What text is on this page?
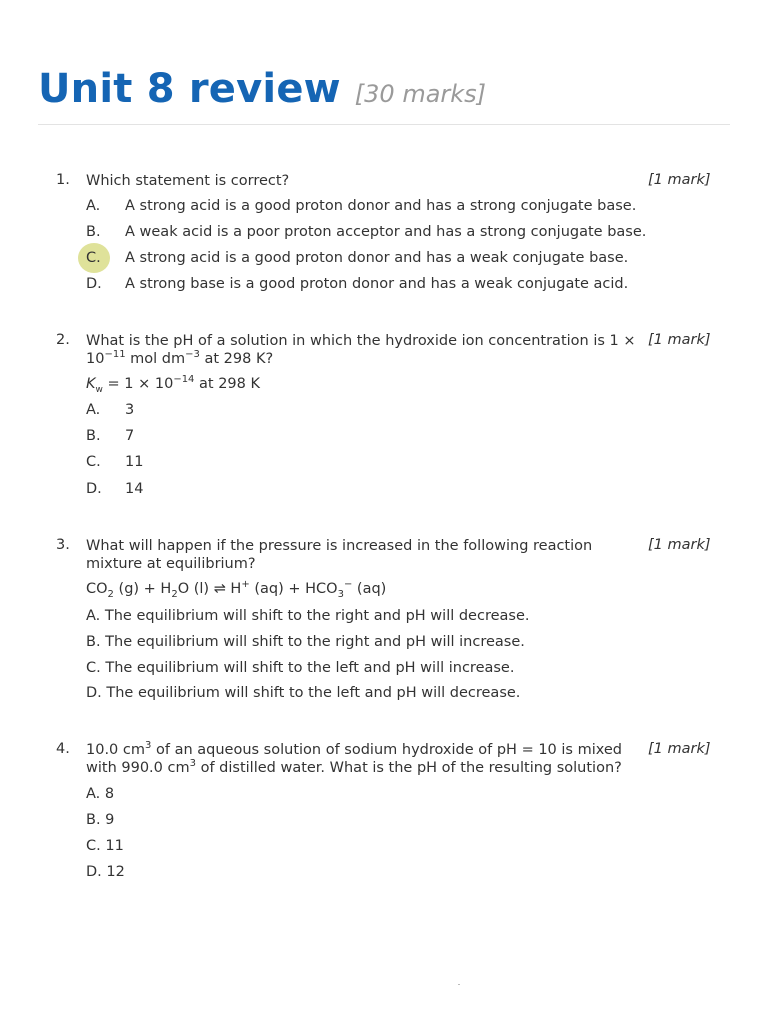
Unit 8 review [30 marks]
1. Which statement is correct?	[1 mark]
A. A strong acid is a good proton donor and has a strong conjugate base.
B. A weak acid is a poor proton acceptor and has a strong conjugate base.
C. A strong acid is a good proton donor and has a weak conjugate base.
D. A strong base is a good proton donor and has a weak conjugate acid.
2. What is the pH of a solution in which the hydroxide ion concentration is $1 \times 10^{-11}$ mol $dm^{-3}$ at 298 K?
[1 mark]
$K_w = 1 \times 10^{-14}$ at 298 K
A. 3
B. 7
C. 11
D. 14
3. What will happen if the pressure is increased in the following reaction mixture at equilibrium?
[1 mark]
$CO_2$ $(g) + H_2O$ (l) ⇌ H+ $(aq) + HCO_3^-$ (aq)
A. The equilibrium will shift to the right and pH will decrease.
B. The equilibrium will shift to the right and pH will increase.
C. The equilibrium will shift to the left and pH will increase.
D. The equilibrium will shift to the left and pH will decrease.
4. 10.0 $cm^3$ of an aqueous solution of sodium hydroxide of pH = 10 is mixed with 990.0 $cm^3$ of distilled water. What is the pH of the resulting solution?
[1 mark]
A. 8
B. 9
C. 11
D. 12
